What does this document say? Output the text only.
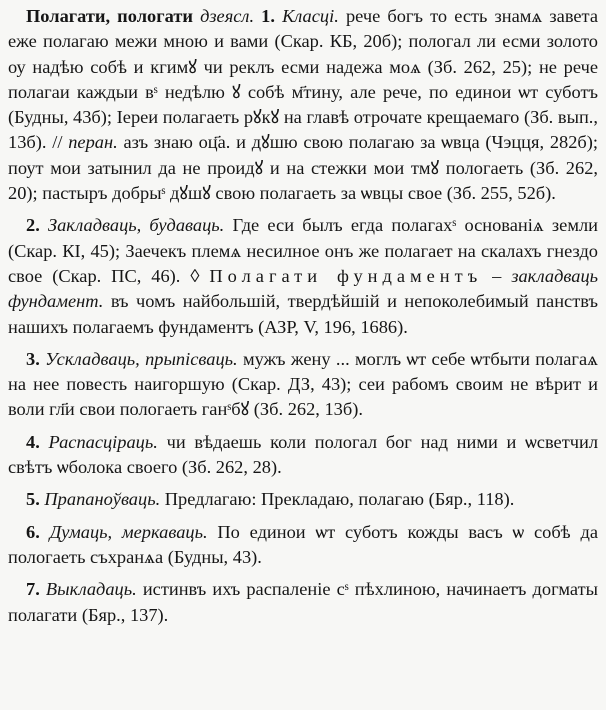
Полагати, пологати дзеясл. 1. Класці. рече богъ то есть знамѧ завета еже полагаю межи мною и вами (Скар. КБ, 20б); пологал ли есми золото оу надѣю собѣ и кгимꙋ чи реклъ есми надежа моѧ (Зб. 262, 25); не рече полагаи каждыи вˢ недѣлю ꙋ собѣ м҃тину, але рече, по единои ѡт суботъ (Будны, 43б); Іереи полагаеть рꙋкꙋ на главѣ отрочате крещаемаго (Зб. вып., 13б). // перан. азъ знаю оц҃а. и дꙋшю свою полагаю за ѡвца (Чэцця, 282б); поут мои затынил да не проидꙋ и на стежки мои тмꙋ пологаеть (Зб. 262, 20); пастыръ добрыˢ дꙋшꙋ свою полагаеть за ѡвцы свое (Зб. 255, 52б).

2. Закладваць, будаваць. Где еси былъ егда полагахˢ основанiѧ земли (Скар. КI, 45); Заечекъ племѧ несилное онъ же полагает на скалахъ гнездо свое (Скар. ПС, 46). ◊ Полагати фундаментъ – закладваць фундамент. въ чомъ найбольшій, твердѣйшій и непоколебимый панствъ нашихъ полагаемъ фундаментъ (АЗР, V, 196, 1686).

3. Ускладваць, прыпісваць. мужъ жену ... моглъ ѡт себе ѡтбыти полагаѧ на нее повесть наигоршую (Скар. ДЗ, 43); сеи рабомъ своим не вѣрит и воли гл҃и свои пологаеть ганˢбꙋ (Зб. 262, 13б).

4. Распасціраць. чи вѣдаешь коли пологал бог над ними и ѡсветчил свѣтъ ѡболока своего (Зб. 262, 28).

5. Прапаноўваць. Предлагаю: Прекладаю, полагаю (Бяр., 118).

6. Думаць, меркаваць. По единои ѡт суботъ кожды васъ ѡ собѣ да пологаеть съхранѧа (Будны, 43).

7. Выкладаць. истинвъ ихъ распаленіе сˢ пѣхлиною, начинаетъ догматы полагати (Бяр., 137).
